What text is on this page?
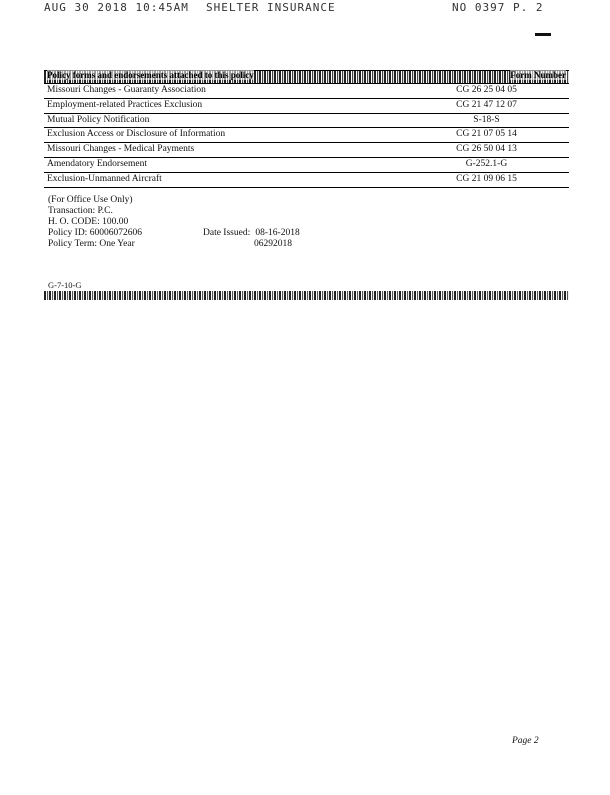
AUG 30 2018 10:45AM SHELTER INSURANCE	NO 0397 P. 2
Policy forms and endorsements attached to this policy	Form Number
Missouri Changes - Guaranty Association	CG 26 25 04 05
Employment-related Practices Exclusion	CG 21 47 12 07
Mutual Policy Notification	S-18-S
Exclusion Access or Disclosure of Information	CG 21 07 05 14
Missouri Changes - Medical Payments	CG 26 50 04 13
Amendatory Endorsement	G-252.1-G
Exclusion-Unmanned Aircraft	CG 21 09 06 15
(For Office Use Only)
Transaction: P.C.
H. O. CODE: 100.00
Policy ID: 60006072606
Policy Term: One Year
Date Issued: 08-16-2018
06292018
G-7-10-G
Page 2
